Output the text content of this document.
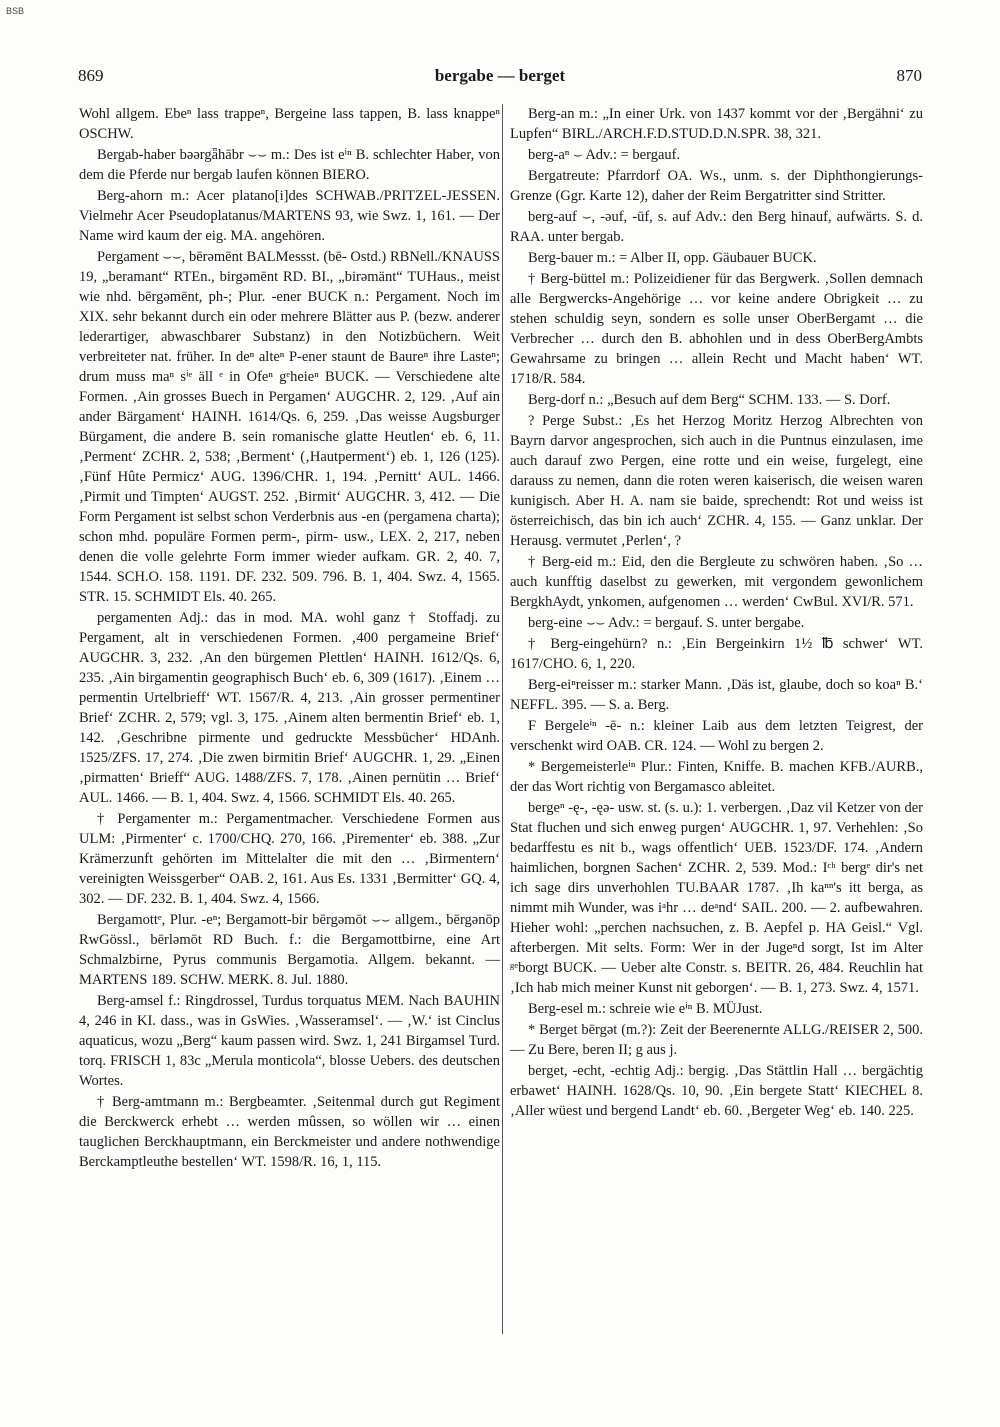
BSB
869	bergabe — berget	870

Wohl allgem. Ebeⁿ lass trappeⁿ, Bergeine lass tappen, B. lass knappeⁿ OSCHW.

Bergab-haber bəərgǟhābr ⌣⌣ m.: Des ist eⁱⁿ B. schlechter Haber, von dem die Pferde nur bergab laufen können BIERO.

Berg-ahorn m.: Acer platano[i]des SCHWAB./PRITZEL-JESSEN. Vielmehr Acer Pseudoplatanus/MARTENS 93, wie Swz. 1, 161. — Der Name wird kaum der eig. MA. angehören.

Pergament ⌣⌣, bērəmēnt BALMessst. (bē- Ostd.) RBNell./KNAUSS 19, „beramant“ RTEn., birgəmēnt RD. BI., „birəmänt“ TUHaus., meist wie nhd. bērgəmēnt, ph-; Plur. -ener BUCK n.: Pergament. Noch im XIX. sehr bekannt durch ein oder mehrere Blätter aus P. (bezw. anderer lederartiger, abwaschbarer Substanz) in den Notizbüchern. Weit verbreiteter nat. früher. In deⁿ alteⁿ P-ener staunt de Baureⁿ ihre Lasteⁿ; drum muss maⁿ sⁱᵉ äll ᵉ in Ofeⁿ gᵉheieⁿ BUCK. — Verschiedene alte Formen. ‚Ain grosses Buech in Pergamen‘ AUGCHR. 2, 129. ‚Auf ain ander Bärgament‘ HAINH. 1614/Qs. 6, 259. ‚Das weisse Augsburger Bürgament, die andere B. sein romanische glatte Heutlen‘ eb. 6, 11. ‚Perment‘ ZCHR. 2, 538; ‚Berment‘ (‚Hautperment‘) eb. 1, 126 (125). ‚Fünf Hûte Permicz‘ AUG. 1396/CHR. 1, 194. ‚Pernitt‘ AUL. 1466. ‚Pirmit und Timpten‘ AUGST. 252. ‚Birmit‘ AUGCHR. 3, 412. — Die Form Pergament ist selbst schon Verderbnis aus -en (pergamena charta); schon mhd. populäre Formen perm-, pirm- usw., LEX. 2, 217, neben denen die volle gelehrte Form immer wieder aufkam. GR. 2, 40. 7, 1544. SCH.O. 158. 1191. DF. 232. 509. 796. B. 1, 404. Swz. 4, 1565. STR. 15. SCHMIDT Els. 40. 265.

pergamenten Adj.: das in mod. MA. wohl ganz † Stoffadj. zu Pergament, alt in verschiedenen Formen. ‚400 pergameine Brief‘ AUGCHR. 3, 232. ‚An den bürgemen Plettlen‘ HAINH. 1612/Qs. 6, 235. ‚Ain birgamentin geographisch Buch‘ eb. 6, 309 (1617). ‚Einem … permentin Urtelbrieff‘ WT. 1567/R. 4, 213. ‚Ain grosser permentiner Brief‘ ZCHR. 2, 579; vgl. 3, 175. ‚Ainem alten bermentin Brief‘ eb. 1, 142. ‚Geschribne pirmente und gedruckte Messbücher‘ HDAnh. 1525/ZFS. 17, 274. ‚Die zwen birmitin Brief‘ AUGCHR. 1, 29. „Einen ‚pirmatten‘ Brieff“ AUG. 1488/ZFS. 7, 178. ‚Ainen pernütin … Brief‘ AUL. 1466. — B. 1, 404. Swz. 4, 1566. SCHMIDT Els. 40. 265.

† Pergamenter m.: Pergamentmacher. Verschiedene Formen aus ULM: ‚Pirmenter‘ c. 1700/CHQ. 270, 166. ‚Pirementer‘ eb. 388. „Zur Krämerzunft gehörten im Mittelalter die mit den … ‚Birmentern‘ vereinigten Weissgerber“ OAB. 2, 161. Aus Es. 1331 ‚Bermitter‘ GQ. 4, 302. — DF. 232. B. 1, 404. Swz. 4, 1566.

Bergamottᵉ, Plur. -eⁿ; Bergamott-bir bērgəmōt ⌣⌣ allgem., bērgənōp RwGössl., bērləmōt RD Buch. f.: die Bergamottbirne, eine Art Schmalzbirne, Pyrus communis Bergamotia. Allgem. bekannt. — MARTENS 189. SCHW. MERK. 8. Jul. 1880.

Berg-amsel f.: Ringdrossel, Turdus torquatus MEM. Nach BAUHIN 4, 246 in KI. dass., was in GsWies. ‚Wasseramsel‘. — ‚W.‘ ist Cinclus aquaticus, wozu „Berg“ kaum passen wird. Swz. 1, 241 Birgamsel Turd. torq. FRISCH 1, 83c „Merula monticola“, blosse Uebers. des deutschen Wortes.

† Berg-amtmann m.: Bergbeamter. ‚Seitenmal durch gut Regiment die Berckwerck erhebt … werden mûssen, so wöllen wir … einen tauglichen Berckhauptmann, ein Berckmeister und andere nothwendige Berckamptleuthe bestellen‘ WT. 1598/R. 16, 1, 115.

Berg-an m.: „In einer Urk. von 1437 kommt vor der ‚Bergähni‘ zu Lupfen“ BIRL./ARCH.F.D.STUD.D.N.SPR. 38, 321.

berg-aⁿ ⌣ Adv.: = bergauf.

Bergatreute: Pfarrdorf OA. Ws., unm. s. der Diphthongierungs-Grenze (Ggr. Karte 12), daher der Reim Bergatritter sind Stritter.

berg-auf ⌣, -əuf, -ūf, s. auf Adv.: den Berg hinauf, aufwärts. S. d. RAA. unter bergab.

Berg-bauer m.: = Alber II, opp. Gäubauer BUCK.

† Berg-büttel m.: Polizeidiener für das Bergwerk. ‚Sollen demnach alle Bergwercks-Angehörige … vor keine andere Obrigkeit … zu stehen schuldig seyn, sondern es solle unser OberBergamt … die Verbrecher … durch den B. abhohlen und in dess OberBergAmbts Gewahrsame zu bringen … allein Recht und Macht haben‘ WT. 1718/R. 584.

Berg-dorf n.: „Besuch auf dem Berg“ SCHM. 133. — S. Dorf.

? Perge Subst.: ‚Es het Herzog Moritz Herzog Albrechten von Bayrn darvor angesprochen, sich auch in die Puntnus einzulasen, ime auch darauf zwo Pergen, eine rotte und ein weise, furgelegt, eine darauss zu nemen, dann die roten weren kaiserisch, die weisen waren kunigisch. Aber H. A. nam sie baide, sprechendt: Rot und weiss ist österreichisch, das bin ich auch‘ ZCHR. 4, 155. — Ganz unklar. Der Herausg. vermutet ‚Perlen‘, ?

† Berg-eid m.: Eid, den die Bergleute zu schwören haben. ‚So … auch kunfftig daselbst zu gewerken, mit vergondem gewonlichem BergkhAydt, ynkomen, aufgenomen … werden‘ CwBul. XVI/R. 571.

berg-eine ⌣⌣ Adv.: = bergauf. S. unter bergabe.

† Berg-eingehürn? n.: ‚Ein Bergeinkirn 1½ ℔ schwer‘ WT. 1617/CHO. 6, 1, 220.

Berg-eiⁿreisser m.: starker Mann. ‚Däs ist, glaube, doch so koaⁿ B.‘ NEFFL. 395. — S. a. Berg.

F Bergeleⁱⁿ -ē- n.: kleiner Laib aus dem letzten Teigrest, der verschenkt wird OAB. CR. 124. — Wohl zu bergen 2.

* Bergemeisterleⁱⁿ Plur.: Finten, Kniffe. B. machen KFB./AURB., der das Wort richtig von Bergamasco ableitet.

bergeⁿ -ę-, -ęə- usw. st. (s. u.): 1. verbergen. ‚Daz vil Ketzer von der Stat fluchen und sich enweg purgen‘ AUGCHR. 1, 97. Verhehlen: ‚So bedarffestu es nit b., wags offentlich‘ UEB. 1523/DF. 174. ‚Andern haimlichen, borgnen Sachen‘ ZCHR. 2, 539. Mod.: Iᶜʰ bergᵉ dir's net ich sage dirs unverhohlen TU.BAAR 1787. ‚Ih kaⁿⁿ's itt berga, as nimmt mih Wunder, was iᵃhr … deᵃnd‘ SAIL. 200. — 2. aufbewahren. Hieher wohl: „perchen nachsuchen, z. B. Aepfel p. HA Geisl.“ Vgl. afterbergen. Mit selts. Form: Wer in der Jugeⁿd sorgt, Ist im Alter ᵍᵉborgt BUCK. — Ueber alte Constr. s. BEITR. 26, 484. Reuchlin hat ‚Ich hab mich meiner Kunst nit geborgen‘. — B. 1, 273. Swz. 4, 1571.

Berg-esel m.: schreie wie eⁱⁿ B. MÜJust.

* Berget bērgət (m.?): Zeit der Beerenernte ALLG./REISER 2, 500. — Zu Bere, beren II; g aus j.

berget, -echt, -echtig Adj.: bergig. ‚Das Stättlin Hall … bergächtig erbawet‘ HAINH. 1628/Qs. 10, 90. ‚Ein bergete Statt‘ KIECHEL 8. ‚Aller wüest und bergend Landt‘ eb. 60. ‚Bergeter Weg‘ eb. 140. 225.
